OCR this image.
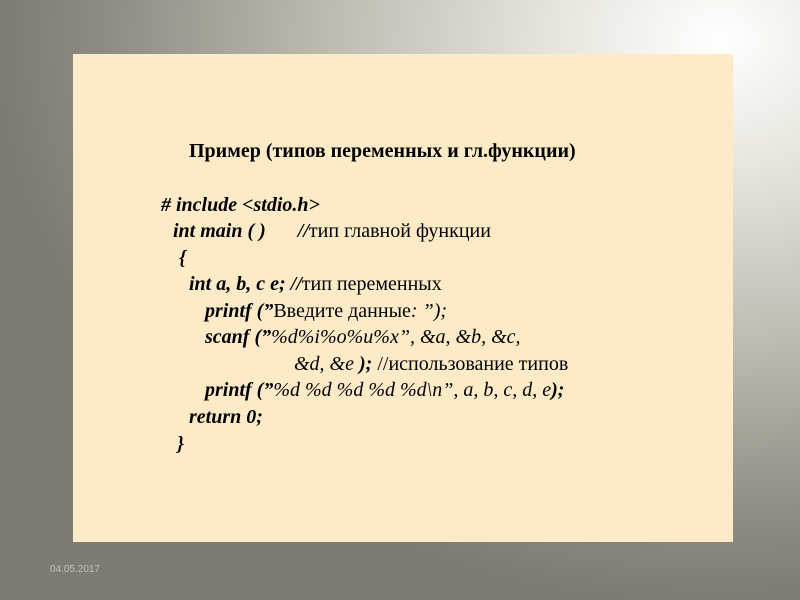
Пример (типов переменных и гл.функции)
# include <stdio.h>
int main ( ) //тип главной функции
{
int a, b, c e; //тип переменных
printf (”Введите данные: ”);
scanf (”%d%i%o%u%x”, &a, &b, &c,
&d, &e ); //использование типов
printf (”%d %d %d %d %d\n”, a, b, c, d, e);
return 0;
}
04.05.2017
